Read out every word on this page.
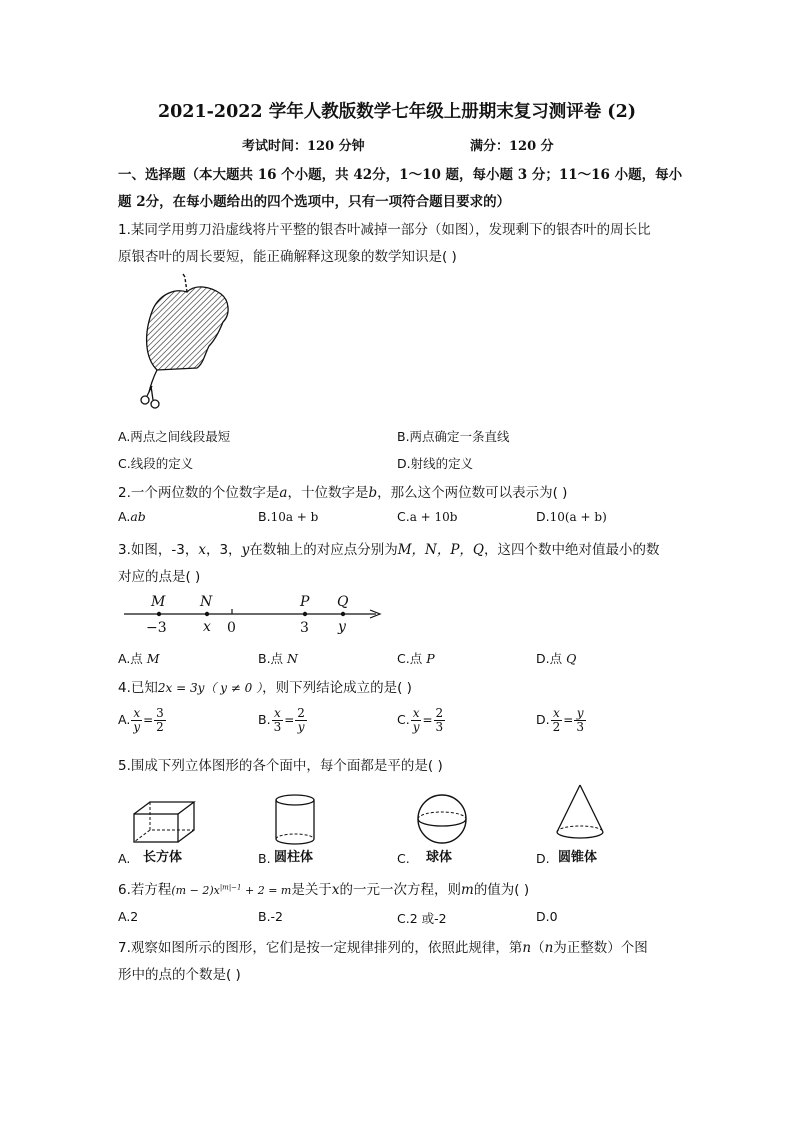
2021-2022 学年人教版数学七年级上册期末复习测评卷 (2)
考试时间：120 分钟	满分：120 分
一、选择题（本大题共 16 个小题，共 42分，1～10 题，每小题 3 分；11～16 小题，每小
题 2分，在每小题给出的四个选项中，只有一项符合题目要求的）
1.某同学用剪刀沿虚线将片平整的银杏叶减掉一部分（如图），发现剩下的银杏叶的周长比
原银杏叶的周长要短，能正确解释这现象的数学知识是( )
A.两点之间线段最短	B.两点确定一条直线
C.线段的定义	D.射线的定义
2.一个两位数的个位数字是a，十位数字是b，那么这个两位数可以表示为( )
A.ab	B.10a + b	C.a + 10b	D.10(a + b)
3.如图，-3，x，3，y在数轴上的对应点分别为M，N，P，Q，这四个数中绝对值最小的数
对应的点是( )
M N	P Q
−3	x 0	3 y
A.点 M	B.点 N	C.点 P	D.点 Q
4.已知2x = 3y（ y ≠ 0 ），则下列结论成立的是( )
A. $\frac{x}{y} = \frac{3}{2}$	B. $\frac{x}{3} = \frac{2}{y}$	C. $\frac{x}{y} = \frac{2}{3}$	D. $\frac{x}{2} = \frac{y}{3}$
5.围成下列立体图形的各个面中，每个面都是平的是( )
A. 长方体	B. 圆柱体	C. 球体	D. 圆锥体
6.若方程$(m - 2)x^{|m|-1} + 2 = m$是关于x的一元一次方程，则m的值为( )
A.2	B.-2	C.2 或-2	D.0
7.观察如图所示的图形，它们是按一定规律排列的，依照此规律，第n（n为正整数）个图
形中的点的个数是( )
